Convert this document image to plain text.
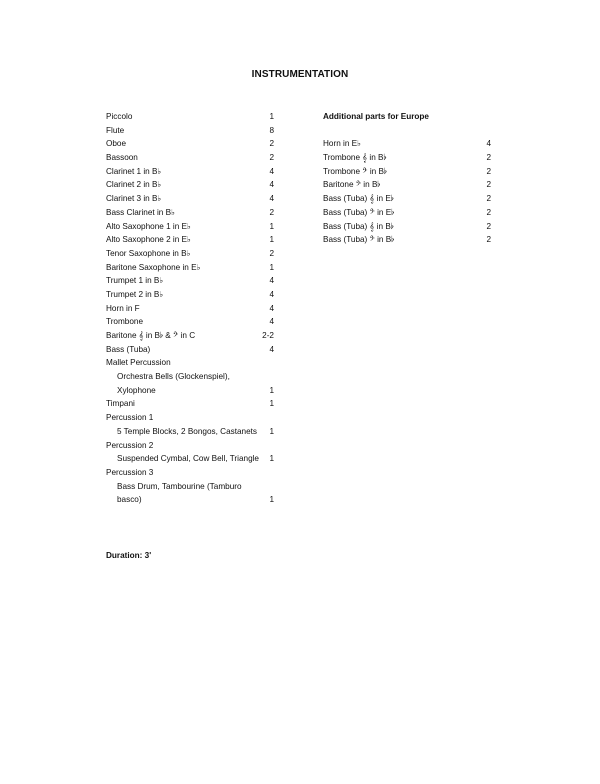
INSTRUMENTATION
Piccolo	1
Flute	8
Oboe	2
Bassoon	2
Clarinet 1 in B♭	4
Clarinet 2 in B♭	4
Clarinet 3 in B♭	4
Bass Clarinet in B♭	2
Alto Saxophone 1 in E♭	1
Alto Saxophone 2 in E♭	1
Tenor Saxophone in B♭	2
Baritone Saxophone in E♭	1
Trumpet 1 in B♭	4
Trumpet 2 in B♭	4
Horn in F	4
Trombone	4
Baritone 𝄞 in B♭ & 𝄢 in C	2-2
Bass (Tuba)	4
Mallet Percussion
Orchestra Bells (Glockenspiel),
Xylophone	1
Timpani	1
Percussion 1
5 Temple Blocks, 2 Bongos, Castanets	1
Percussion 2
Suspended Cymbal, Cow Bell, Triangle	1
Percussion 3
Bass Drum, Tambourine (Tamburo
basco)	1
Additional parts for Europe
Horn in E♭	4
Trombone 𝄞 in B♭	2
Trombone 𝄢 in B♭	2
Baritone 𝄢 in B♭	2
Bass (Tuba) 𝄞 in E♭	2
Bass (Tuba) 𝄢 in E♭	2
Bass (Tuba) 𝄞 in B♭	2
Bass (Tuba) 𝄢 in B♭	2
Duration: 3'
